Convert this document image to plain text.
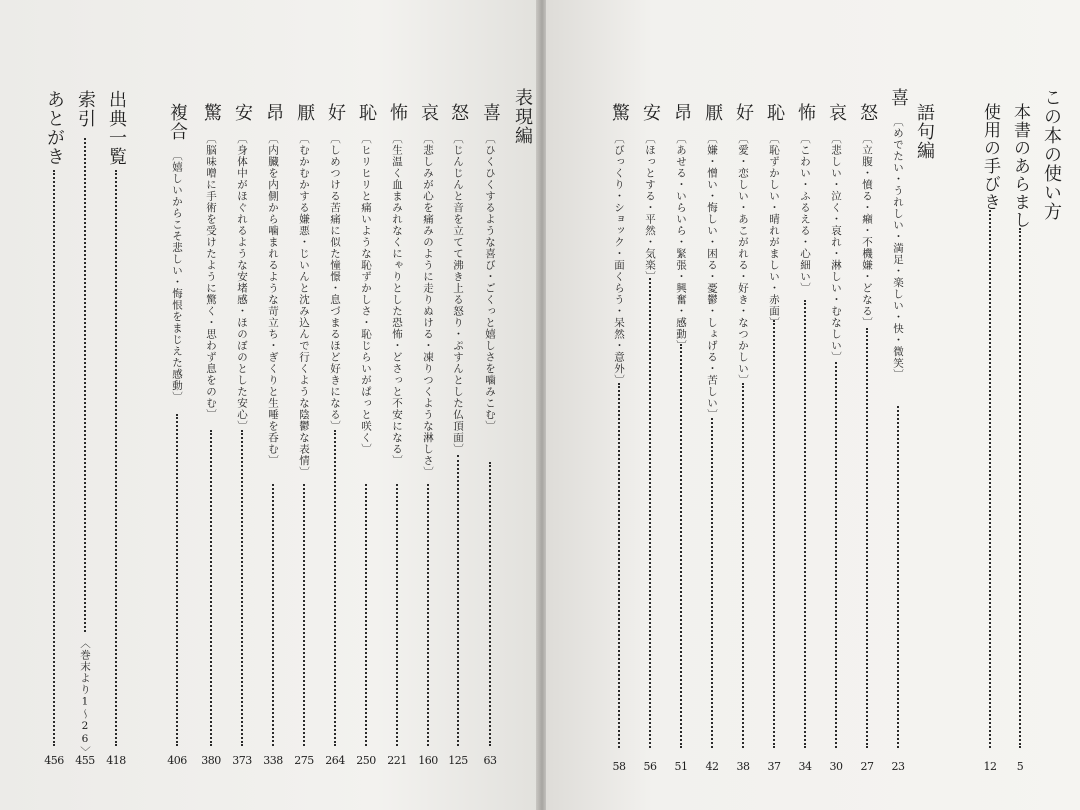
表現編
喜
〔ひくひくするような喜び・ごくっと嬉しさを噛みこむ〕
63
怒
〔じんじんと音を立てて沸き上る怒り・ぷすんとした仏頂面〕
125
哀
〔悲しみが心を痛みのように走りぬける・凍りつくような淋しさ〕
160
怖
〔生温く血まみれなくにゃりとした恐怖・どさっと不安になる〕
221
恥
〔ヒリヒリと痛いような恥ずかしさ・恥じらいがぱっと咲く〕
250
好
〔しめつける苦痛に似た憧憬・息づまるほど好きになる〕
264
厭
〔むかむかする嫌悪・じいんと沈み込んで行くような陰鬱な表情〕
275
昂
〔内臓を内側から噛まれるような苛立ち・ぎくりと生唾を呑む〕
338
安
〔身体中がほぐれるような安堵感・ほのぼのとした安心〕
373
驚
〔脳味噌に手術を受けたように驚く・思わず息をのむ〕
380
複合
〔嬉しいからこそ悲しい・悔恨をまじえた感動〕
406
出典一覧
418
索引
〈巻末より1〜26〉
455
あとがき
456
この本の使い方
本書のあらまし
5
使用の手びき
12
語句編
喜
〔めでたい・うれしい・満足・楽しい・快・微笑〕
23
怒
〔立腹・憤る・癪・不機嫌・どなる〕
27
哀
〔悲しい・泣く・哀れ・淋しい・むなしい〕
30
怖
〔こわい・ふるえる・心細い〕
34
恥
〔恥ずかしい・晴れがましい・赤面〕
37
好
〔愛・恋しい・あこがれる・好き・なつかしい〕
38
厭
〔嫌・憎い・悔しい・困る・憂鬱・しょげる・苦しい〕
42
昂
〔あせる・いらいら・緊張・興奮・感動〕
51
安
〔ほっとする・平然・気楽〕
56
驚
〔びっくり・ショック・面くらう・呆然・意外〕
58
